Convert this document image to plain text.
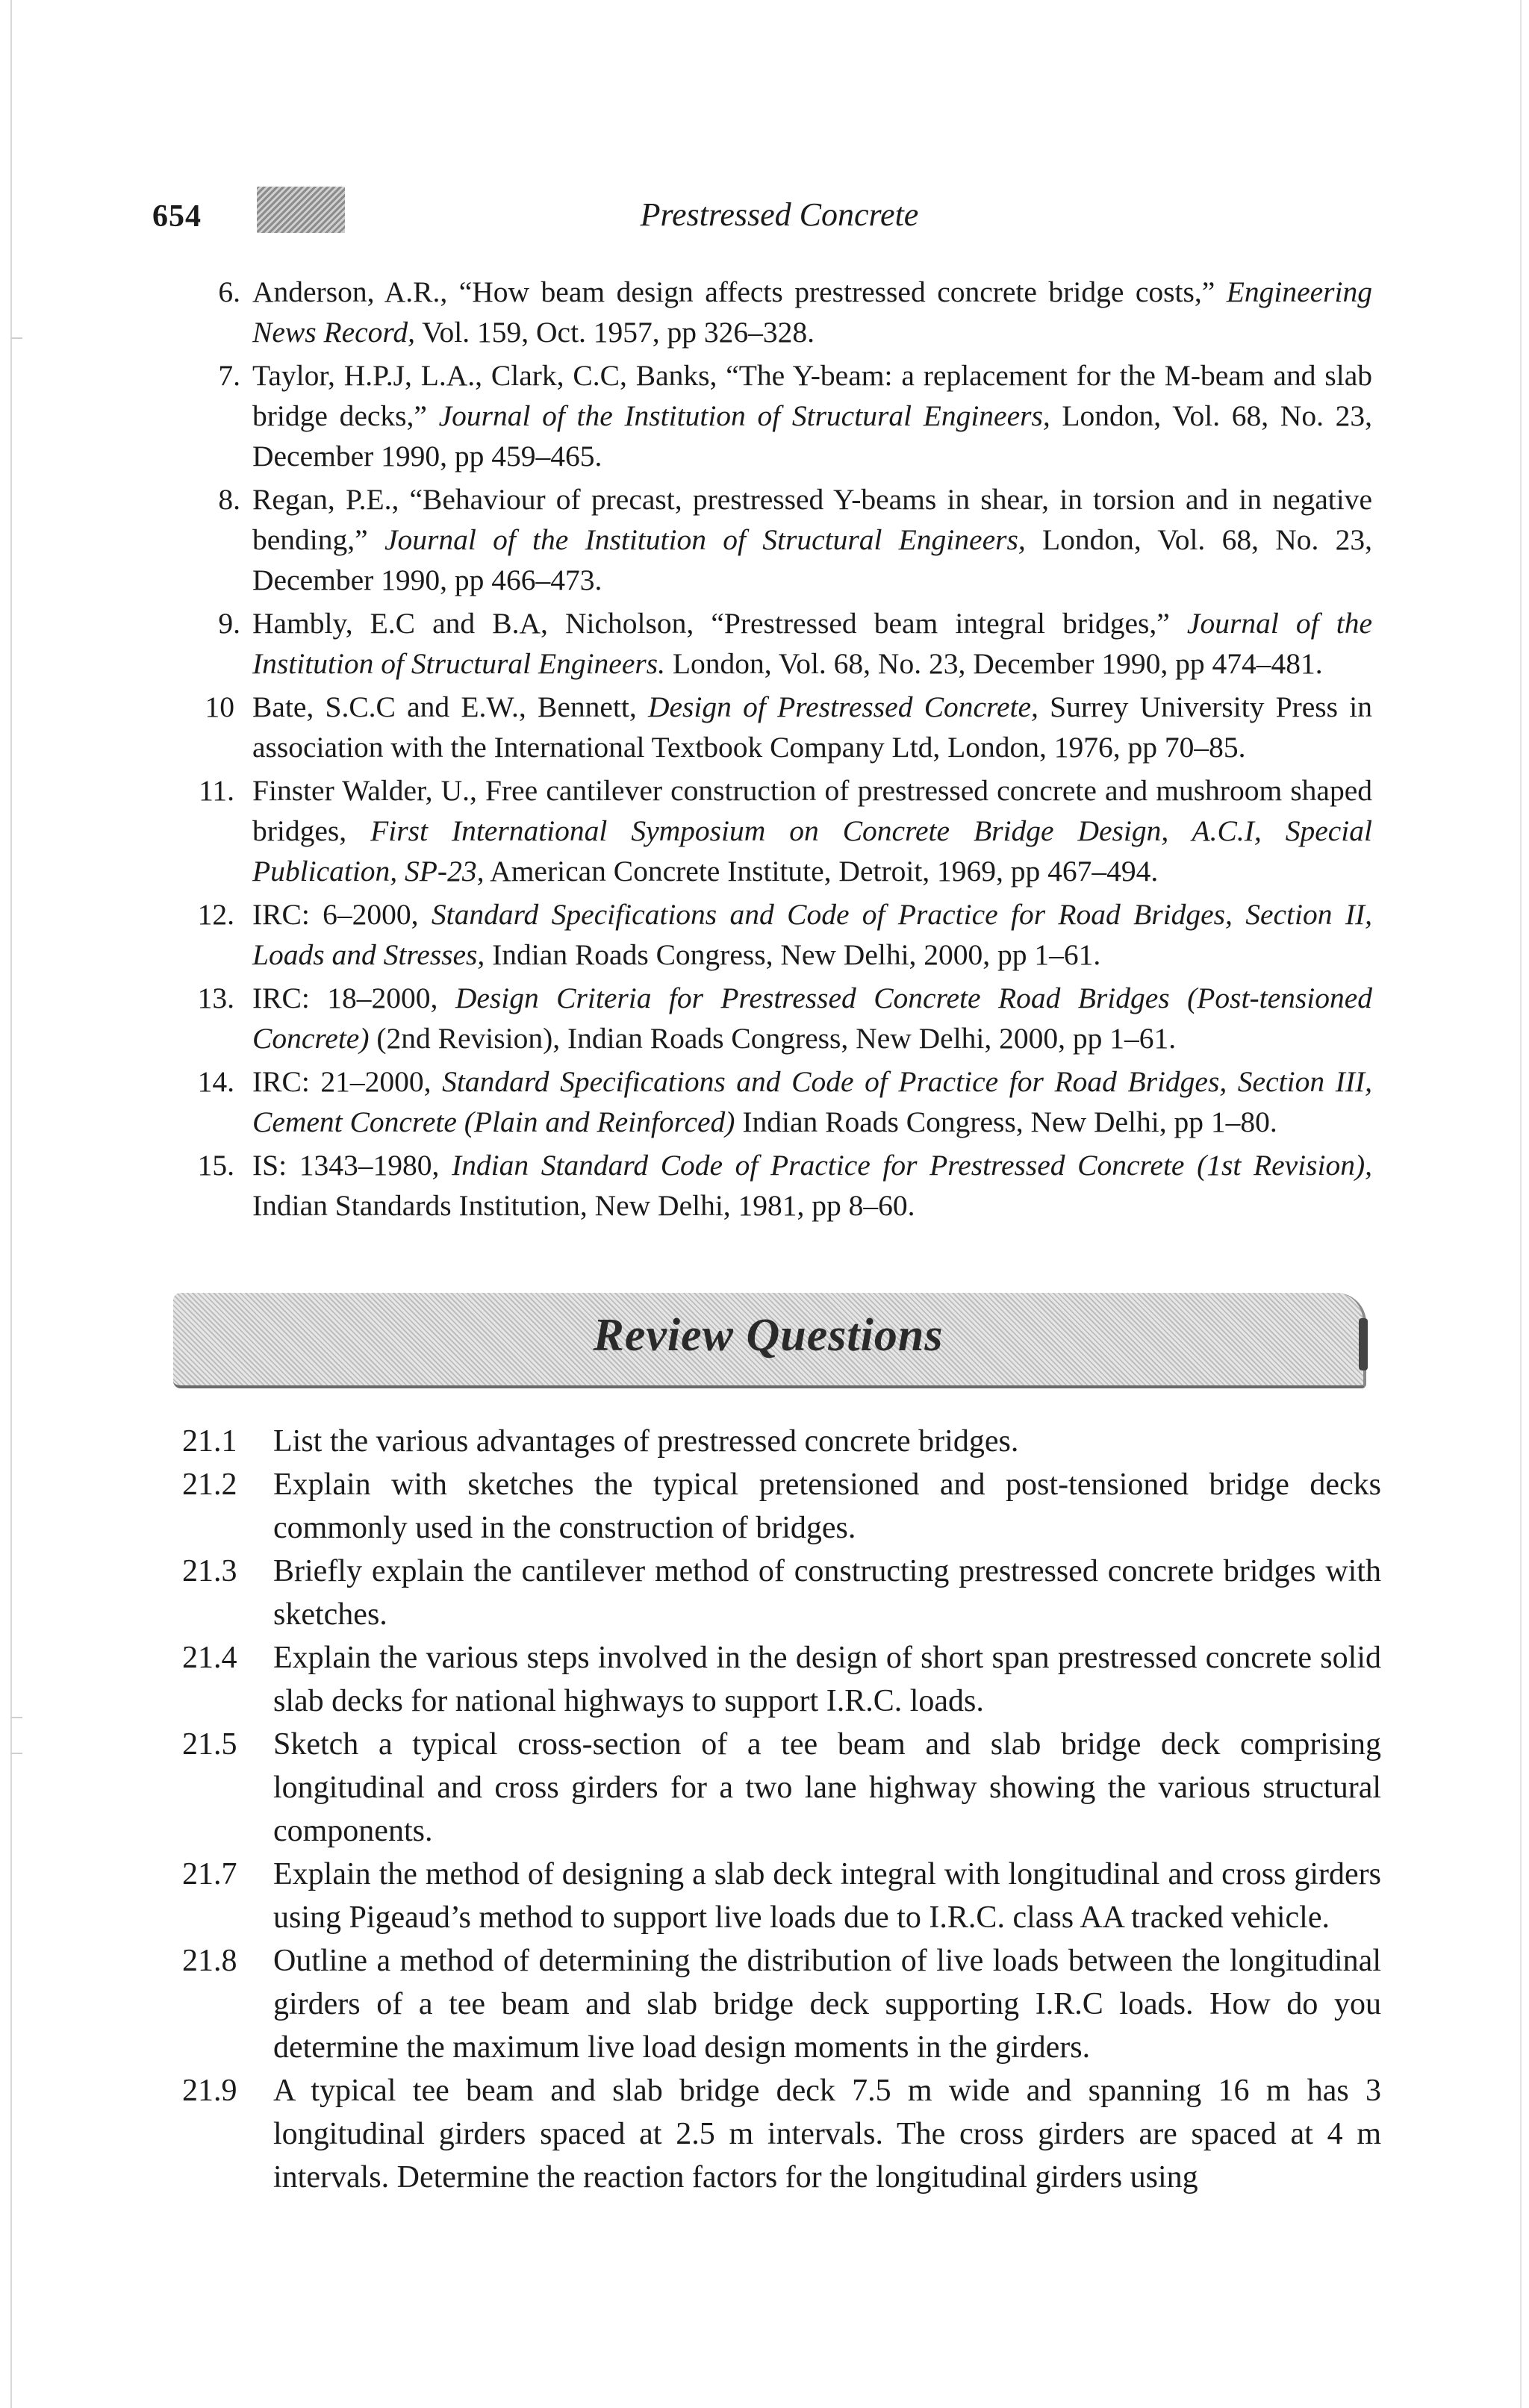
654	Prestressed Concrete
6. Anderson, A.R., “How beam design affects prestressed concrete bridge costs,” Engineering News Record, Vol. 159, Oct. 1957, pp 326–328.
7. Taylor, H.P.J, L.A., Clark, C.C, Banks, “The Y-beam: a replacement for the M-beam and slab bridge decks,” Journal of the Institution of Structural Engineers, London, Vol. 68, No. 23, December 1990, pp 459–465.
8. Regan, P.E., “Behaviour of precast, prestressed Y-beams in shear, in torsion and in negative bending,” Journal of the Institution of Structural Engineers, London, Vol. 68, No. 23, December 1990, pp 466–473.
9. Hambly, E.C and B.A, Nicholson, “Prestressed beam integral bridges,” Journal of the Institution of Structural Engineers. London, Vol. 68, No. 23, December 1990, pp 474–481.
10 Bate, S.C.C and E.W., Bennett, Design of Prestressed Concrete, Surrey University Press in association with the International Textbook Company Ltd, London, 1976, pp 70–85.
11. Finster Walder, U., Free cantilever construction of prestressed concrete and mushroom shaped bridges, First International Symposium on Concrete Bridge Design, A.C.I, Special Publication, SP-23, American Concrete Institute, Detroit, 1969, pp 467–494.
12. IRC: 6–2000, Standard Specifications and Code of Practice for Road Bridges, Section II, Loads and Stresses, Indian Roads Congress, New Delhi, 2000, pp 1–61.
13. IRC: 18–2000, Design Criteria for Prestressed Concrete Road Bridges (Post-tensioned Concrete) (2nd Revision), Indian Roads Congress, New Delhi, 2000, pp 1–61.
14. IRC: 21–2000, Standard Specifications and Code of Practice for Road Bridges, Section III, Cement Concrete (Plain and Reinforced) Indian Roads Congress, New Delhi, pp 1–80.
15. IS: 1343–1980, Indian Standard Code of Practice for Prestressed Concrete (1st Revision), Indian Standards Institution, New Delhi, 1981, pp 8–60.
Review Questions
21.1 List the various advantages of prestressed concrete bridges.
21.2 Explain with sketches the typical pretensioned and post-tensioned bridge decks commonly used in the construction of bridges.
21.3 Briefly explain the cantilever method of constructing prestressed concrete bridges with sketches.
21.4 Explain the various steps involved in the design of short span prestressed concrete solid slab decks for national highways to support I.R.C. loads.
21.5 Sketch a typical cross-section of a tee beam and slab bridge deck comprising longitudinal and cross girders for a two lane highway showing the various structural components.
21.7 Explain the method of designing a slab deck integral with longitudinal and cross girders using Pigeaud’s method to support live loads due to I.R.C. class AA tracked vehicle.
21.8 Outline a method of determining the distribution of live loads between the longitudinal girders of a tee beam and slab bridge deck supporting I.R.C loads. How do you determine the maximum live load design moments in the girders.
21.9 A typical tee beam and slab bridge deck 7.5 m wide and spanning 16 m has 3 longitudinal girders spaced at 2.5 m intervals. The cross girders are spaced at 4 m intervals. Determine the reaction factors for the longitudinal girders using
